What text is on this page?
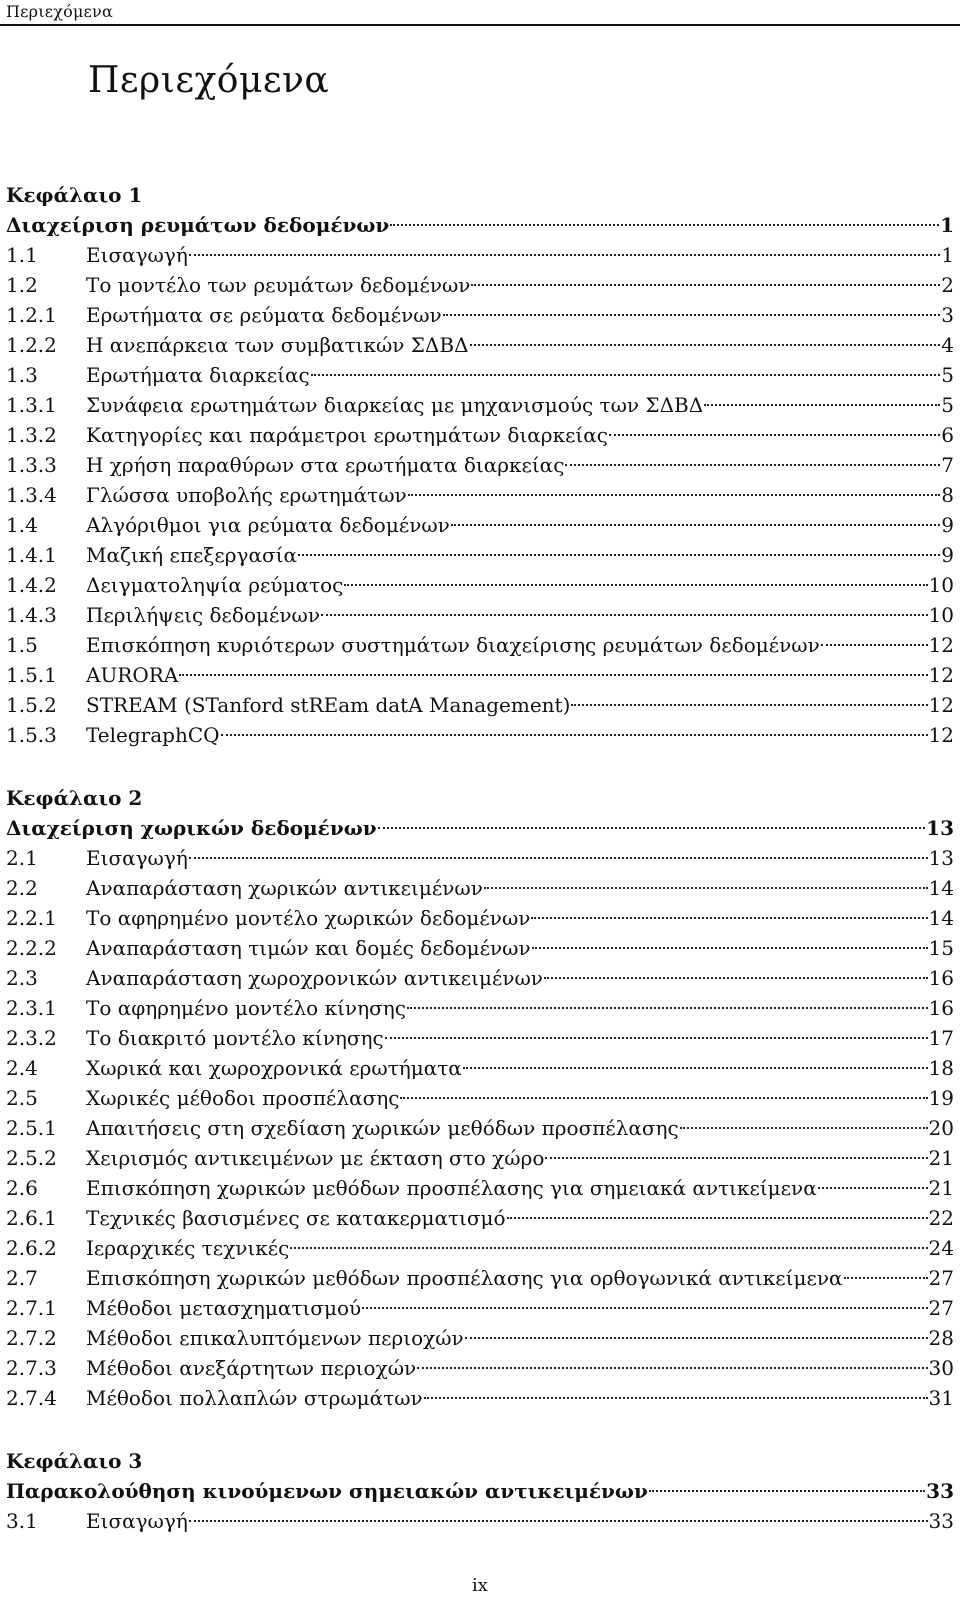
Περιεχόμενα
Περιεχόμενα
Κεφάλαιο 1
Διαχείριση ρευμάτων δεδομένων	1
1.1	Εισαγωγή	1
1.2	Το μοντέλο των ρευμάτων δεδομένων	2
1.2.1	Ερωτήματα σε ρεύματα δεδομένων	3
1.2.2	Η ανεπάρκεια των συμβατικών ΣΔΒΔ	4
1.3	Ερωτήματα διαρκείας	5
1.3.1	Συνάφεια ερωτημάτων διαρκείας με μηχανισμούς των ΣΔΒΔ	5
1.3.2	Κατηγορίες και παράμετροι ερωτημάτων διαρκείας	6
1.3.3	Η χρήση παραθύρων στα ερωτήματα διαρκείας	7
1.3.4	Γλώσσα υποβολής ερωτημάτων	8
1.4	Αλγόριθμοι για ρεύματα δεδομένων	9
1.4.1	Μαζική επεξεργασία	9
1.4.2	Δειγματοληψία ρεύματος	10
1.4.3	Περιλήψεις δεδομένων	10
1.5	Επισκόπηση κυριότερων συστημάτων διαχείρισης ρευμάτων δεδομένων	12
1.5.1	AURORA	12
1.5.2	STREAM (STanford stREam datA Management)	12
1.5.3	TelegraphCQ	12
Κεφάλαιο 2
Διαχείριση χωρικών δεδομένων	13
2.1	Εισαγωγή	13
2.2	Αναπαράσταση χωρικών αντικειμένων	14
2.2.1	Το αφηρημένο μοντέλο χωρικών δεδομένων	14
2.2.2	Αναπαράσταση τιμών και δομές δεδομένων	15
2.3	Αναπαράσταση χωροχρονικών αντικειμένων	16
2.3.1	Το αφηρημένο μοντέλο κίνησης	16
2.3.2	Το διακριτό μοντέλο κίνησης	17
2.4	Χωρικά και χωροχρονικά ερωτήματα	18
2.5	Χωρικές μέθοδοι προσπέλασης	19
2.5.1	Απαιτήσεις στη σχεδίαση χωρικών μεθόδων προσπέλασης	20
2.5.2	Χειρισμός αντικειμένων με έκταση στο χώρο	21
2.6	Επισκόπηση χωρικών μεθόδων προσπέλασης για σημειακά αντικείμενα	21
2.6.1	Τεχνικές βασισμένες σε κατακερματισμό	22
2.6.2	Ιεραρχικές τεχνικές	24
2.7	Επισκόπηση χωρικών μεθόδων προσπέλασης για ορθογωνικά αντικείμενα	27
2.7.1	Μέθοδοι μετασχηματισμού	27
2.7.2	Μέθοδοι επικαλυπτόμενων περιοχών	28
2.7.3	Μέθοδοι ανεξάρτητων περιοχών	30
2.7.4	Μέθοδοι πολλαπλών στρωμάτων	31
Κεφάλαιο 3
Παρακολούθηση κινούμενων σημειακών αντικειμένων	33
3.1	Εισαγωγή	33
ix
